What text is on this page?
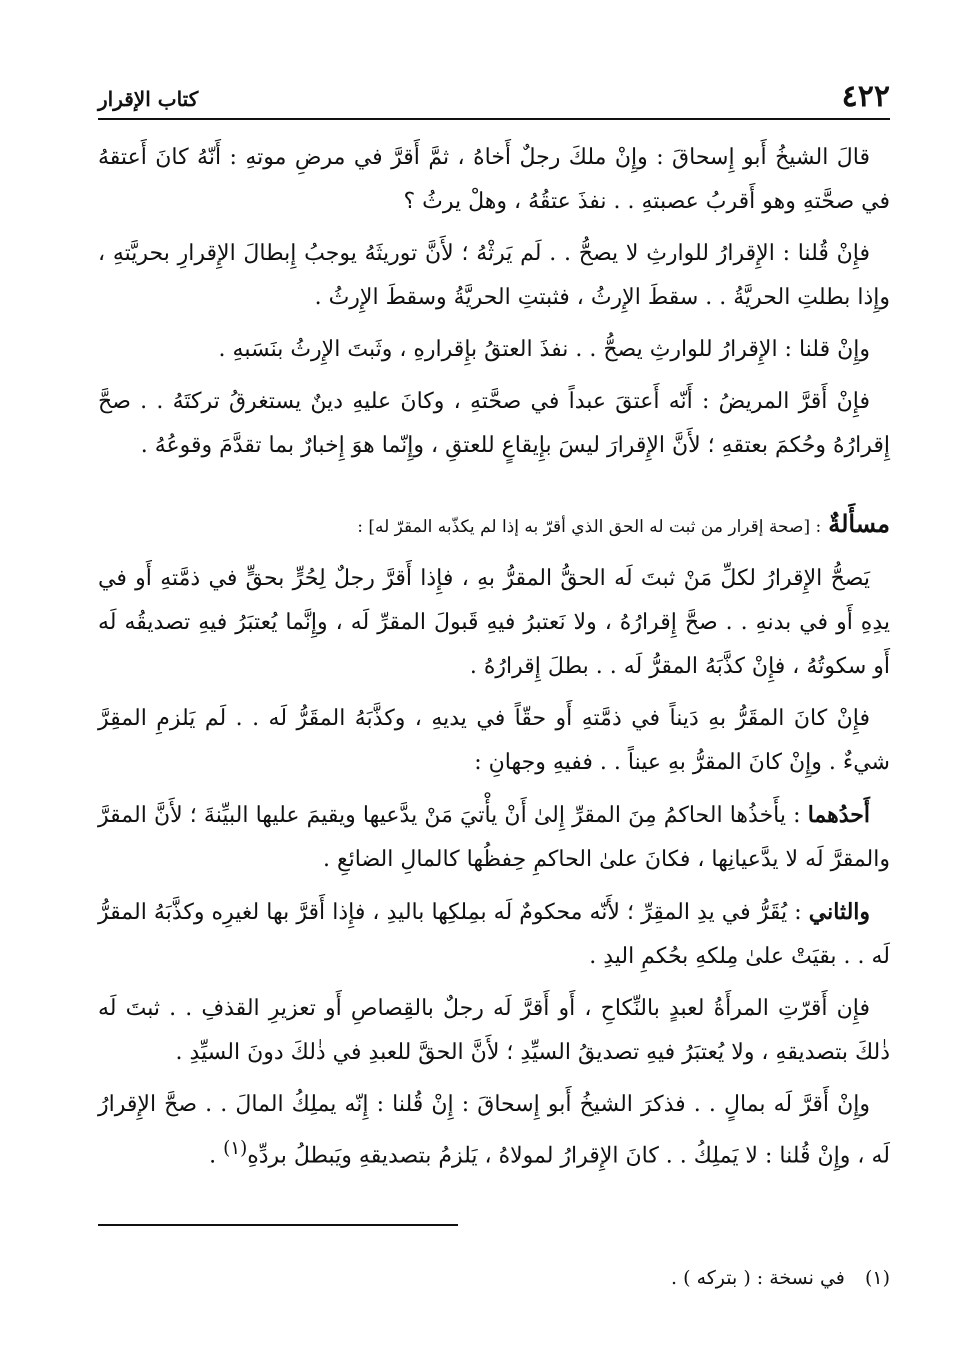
٤٢٢
كتاب الإقرار

قالَ الشيخُ أَبو إِسحاقَ : وإِنْ ملكَ رجلٌ أَخاهُ ، ثمَّ أَقرَّ في مرضِ موتهِ : أَنّهُ كانَ أَعتقهُ في صحَّتهِ وهو أَقربُ عصبتهِ . . نفذَ عتقُهُ ، وهلْ يرثُ ؟

فإِنْ قُلنا : الإِقرارُ للوارثِ لا يصحُّ . . لَم يَرثْهُ ؛ لأَنَّ توريثَهُ يوجبُ إِبطالَ الإِقرارِ بحريَّتهِ ، وإِذا بطلتِ الحريَّةُ . . سقطَ الإِرثُ ، فثبتتِ الحريَّةُ وسقطَ الإِرثُ .

وإِنْ قلنا : الإِقرارُ للوارثِ يصحُّ . . نفذَ العتقُ بإِقرارهِ ، وثَبتَ الإِرثُ بنَسَبهِ .

فإِنْ أَقرَّ المريضُ : أَنّه أَعتقَ عبداً في صحَّتهِ ، وكانَ عليهِ دينٌ يستغرقُ تركتَهُ . . صحَّ إِقرارُهُ وحُكمَ بعتقهِ ؛ لأَنَّ الإِقرارَ ليسَ بإِيقاعٍ للعتقِ ، وإِنّما هوَ إِخبارٌ بما تقدَّمَ وقوعُهُ .

مسأَلةٌ : [صحة إقرار من ثبت له الحق الذي أقرّ به إذا لم يكذّبه المقرّ له] :

يَصحُّ الإِقرارُ لكلِّ مَنْ ثبتَ لَه الحقُّ المقرُّ بهِ ، فإِذا أَقرَّ رجلٌ لِحُرٍّ بحقٍّ في ذمَّتهِ أَو في يدِهِ أَو في بدنهِ . . صحَّ إِقرارُهُ ، ولا نَعتبرُ فيهِ قَبولَ المقرِّ لَه ، وإِنَّما يُعتبَرُ فيهِ تصديقُه لَه أَو سكوتُهُ ، فإِنْ كذَّبَهُ المقرُّ لَه . . بطلَ إِقرارُهُ .

فإِنْ كانَ المقَرُّ بهِ دَيناً في ذمَّتهِ أَو حقّاً في يديهِ ، وكذَّبَهُ المقَرُّ لَه . . لَم يَلزمِ المقِرَّ شيءٌ . وإِنْ كانَ المقرُّ بهِ عيناً . . ففيهِ وجهانِ :

أَحدُهما : يأَخذُها الحاكمُ مِنَ المقرِّ إِلىٰ أَنْ يأْتيَ مَنْ يدَّعيها ويقيمَ عليها البيِّنةَ ؛ لأَنَّ المقرَّ والمقرَّ لَه لا يدَّعيانِها ، فكانَ علىٰ الحاكمِ حِفظُها كالمالِ الضائعِ .

والثاني : يُقَرُّ في يدِ المقِرِّ ؛ لأَنّه محكومٌ لَه بمِلكِها باليدِ ، فإِذا أَقرَّ بها لغيرِه وكذَّبَهُ المقرُّ لَه . . بقيَتْ علىٰ مِلكهِ بحُكمِ اليدِ .

فإِن أَقرّتِ المرأَةُ لعبدٍ بالنِّكاحِ ، أَو أَقرَّ لَه رجلٌ بالقِصاصِ أَو تعزيرِ القذفِ . . ثبتَ لَه ذٰلكَ بتصديقهِ ، ولا يُعتبَرُ فيهِ تصديقُ السيِّدِ ؛ لأَنَّ الحقَّ للعبدِ في ذٰلكَ دونَ السيِّدِ .

وإِنْ أَقرَّ لَه بمالٍ . . فذكرَ الشيخُ أَبو إِسحاقَ : إِنْ قُلنا : إِنّه يملِكُ المالَ . . صحَّ الإِقرارُ لَه ، وإِنْ قُلنا : لا يَملِكُ . . كانَ الإِقرارُ لمولاهُ ، يَلزمُ بتصديقهِ ويَبطلُ بردِّهِ$^{(١)}$ .

(١) في نسخة : ( بتركه ) .
